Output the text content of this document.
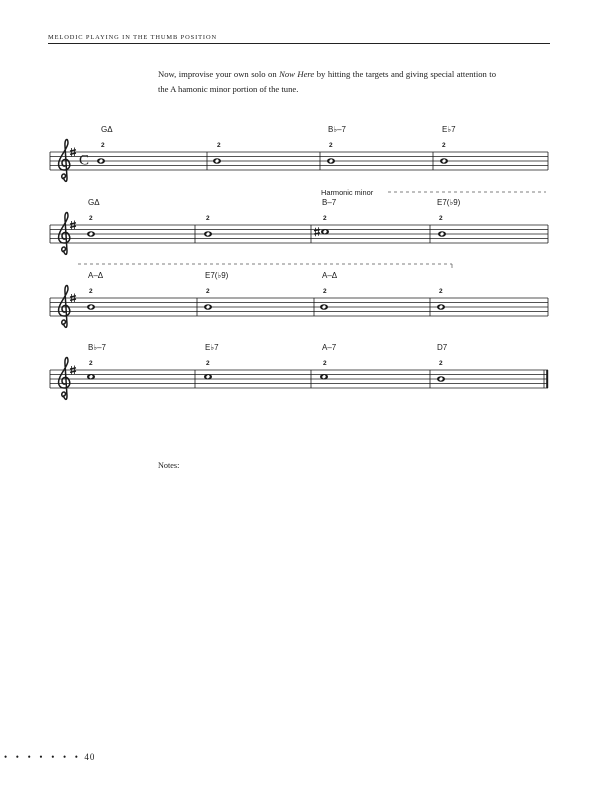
MELODIC PLAYING IN THE THUMB POSITION
Now, improvise your own solo on Now Here by hitting the targets and giving special attention to the A hamonic minor portion of the tune.
C
GΔ	B♭–7	E♭7
2	2	2	2
GΔ	B–7	E7(♭9)
2	2	2	2
A–Δ	E7(♭9)	A–Δ
2	2	2	2
B♭–7	E♭7	A–7	D7
2	2	2	2
Harmonic minor
Notes:
• • • • • • • 40
